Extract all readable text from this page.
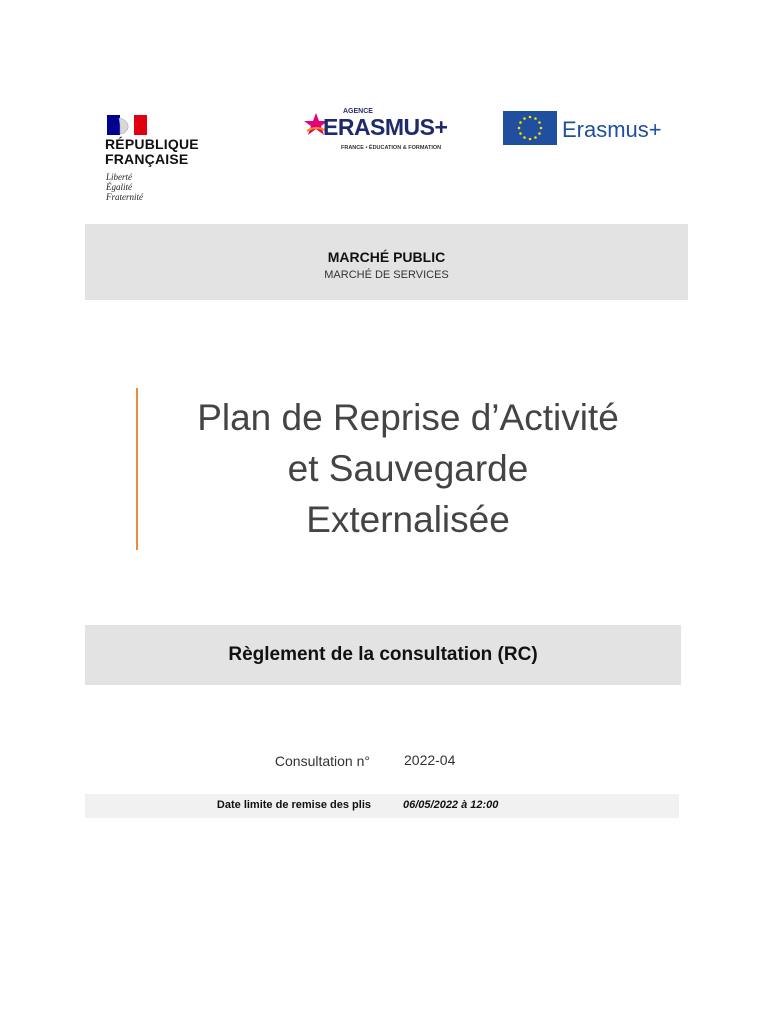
RÉPUBLIQUE
FRANÇAISE
Liberté
Égalité
Fraternité
AGENCE
ERASMUS+
FRANCE • ÉDUCATION & FORMATION
Erasmus+
MARCHÉ PUBLIC
MARCHÉ DE SERVICES
Plan de Reprise d’Activité
et Sauvegarde
Externalisée
Règlement de la consultation (RC)
Consultation n° 2022-04
Date limite de remise des plis	06/05/2022 à 12:00
